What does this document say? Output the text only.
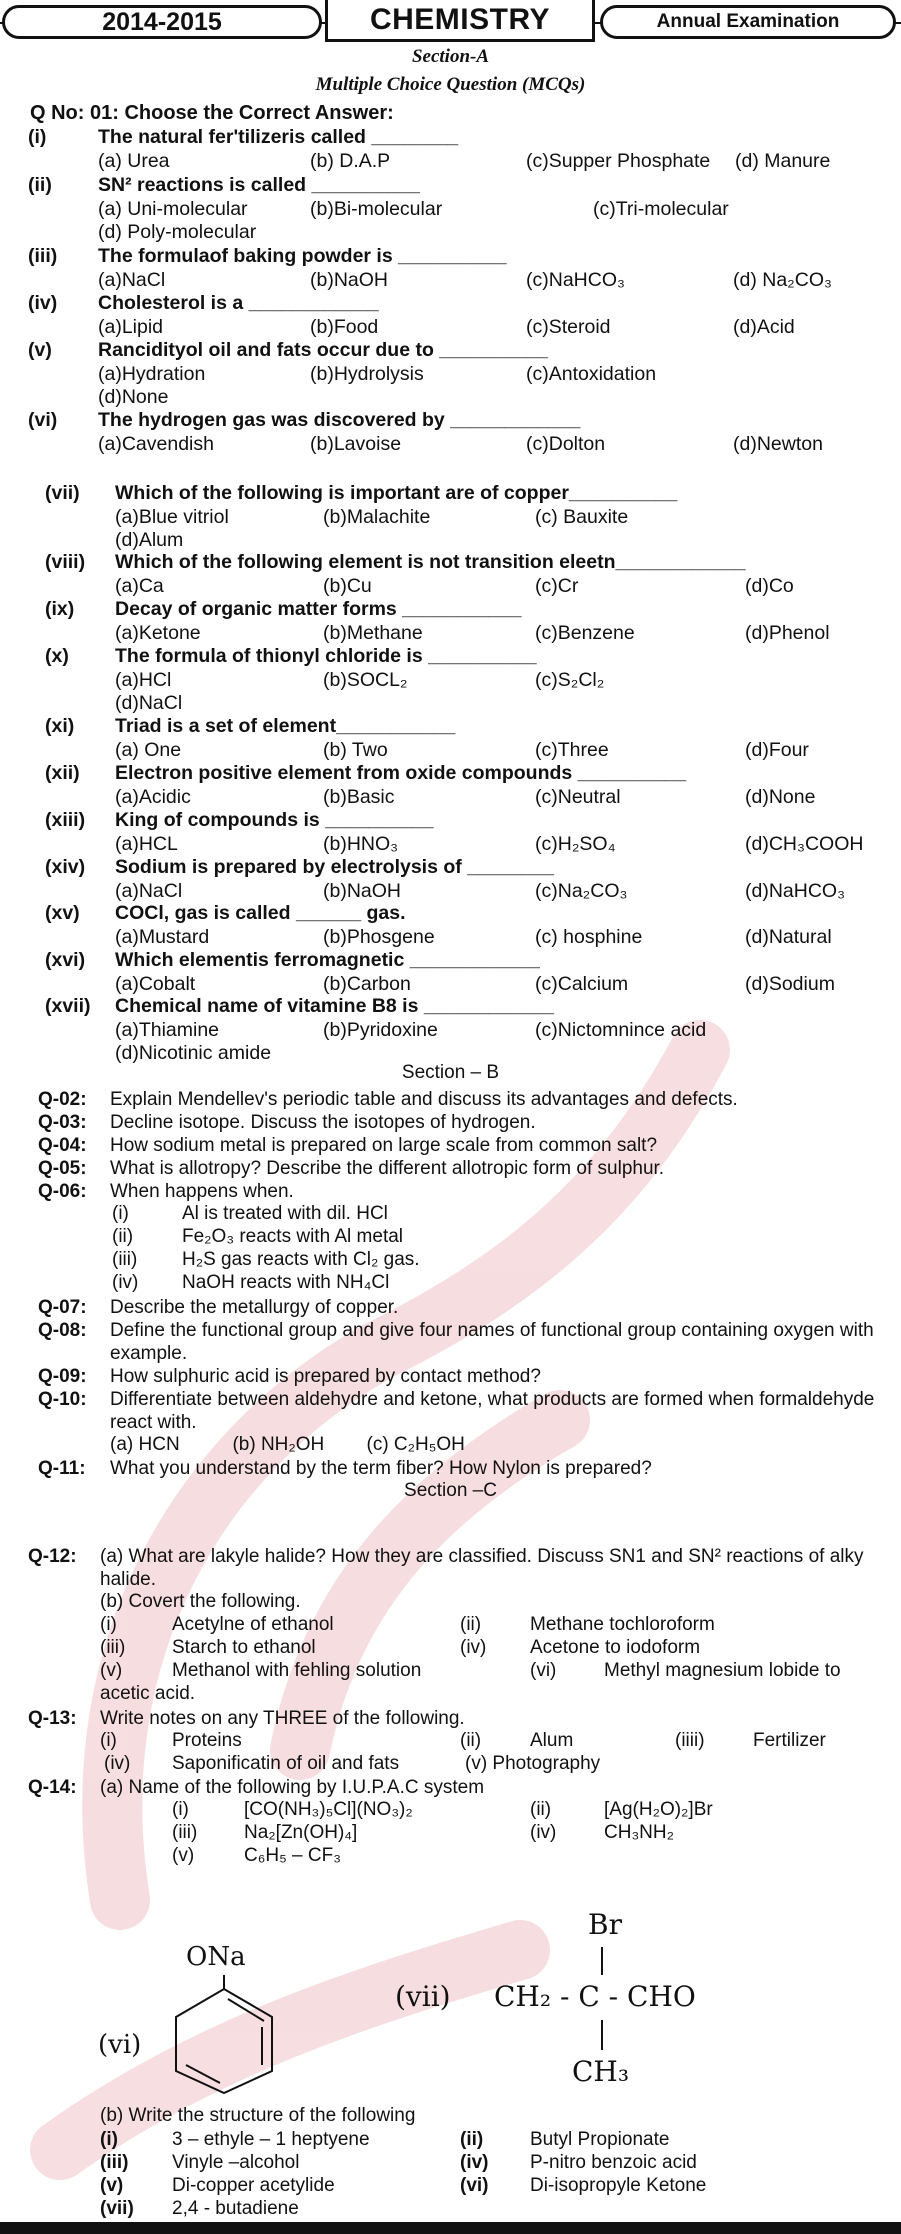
2014-2015	CHEMISTRY	Annual Examination
Section-A
Multiple Choice Question (MCQs)
Q No: 01: Choose the Correct Answer:
(i)	The natural fer'tilizeris called ________
(a) Urea	(b) D.A.P	(c)Supper Phosphate (d) Manure
(ii) SN² reactions is called __________
(a) Uni-molecular	(b)Bi-molecular	(c)Tri-molecular
(d) Poly-molecular
(iii) The formulaof baking powder is __________
(a)NaCl	(b)NaOH	(c)NaHCO₃	(d) Na₂CO₃
(iv) Cholesterol is a ____________
(a)Lipid	(b)Food	(c)Steroid	(d)Acid
(v) Rancidityol oil and fats occur due to __________
(a)Hydration	(b)Hydrolysis	(c)Antoxidation
(d)None
(vi) The hydrogen gas was discovered by ____________
(a)Cavendish	(b)Lavoise	(c)Dolton	(d)Newton
(vii) Which of the following is important are of copper__________
(a)Blue vitriol	(b)Malachite	(c) Bauxite
(d)Alum
(viii) Which of the following element is not transition eleetn____________
(a)Ca	(b)Cu	(c)Cr	(d)Co
(ix) Decay of organic matter forms ___________
(a)Ketone	(b)Methane	(c)Benzene	(d)Phenol
(x) The formula of thionyl chloride is __________
(a)HCl	(b)SOCL₂	(c)S₂Cl₂
(d)NaCl
(xi) Triad is a set of element___________
(a) One	(b) Two	(c)Three	(d)Four
(xii) Electron positive element from oxide compounds __________
(a)Acidic	(b)Basic	(c)Neutral	(d)None
(xiii) King of compounds is __________
(a)HCL	(b)HNO₃	(c)H₂SO₄	(d)CH₃COOH
(xiv) Sodium is prepared by electrolysis of ________
(a)NaCl	(b)NaOH	(c)Na₂CO₃	(d)NaHCO₃
(xv) COCl, gas is called ______ gas.
(a)Mustard	(b)Phosgene	(c) hosphine	(d)Natural
(xvi) Which elementis ferromagnetic ____________
(a)Cobalt	(b)Carbon	(c)Calcium	(d)Sodium
(xvii) Chemical name of vitamine B8 is ____________
(a)Thiamine	(b)Pyridoxine	(c)Nictomnince acid
(d)Nicotinic amide
Section – B
Q-02: Explain Mendellev's periodic table and discuss its advantages and defects.
Q-03: Decline isotope. Discuss the isotopes of hydrogen.
Q-04: How sodium metal is prepared on large scale from common salt?
Q-05: What is allotropy? Describe the different allotropic form of sulphur.
Q-06: When happens when.
(i)	Al is treated with dil. HCl
(ii)	Fe₂O₃ reacts with Al metal
(iii) H₂S gas reacts with Cl₂ gas.
(iv) NaOH reacts with NH₄Cl
Q-07: Describe the metallurgy of copper.
Q-08: Define the functional group and give four names of functional group containing oxygen with example.
Q-09: How sulphuric acid is prepared by contact method?
Q-10: Differentiate between aldehydre and ketone, what products are formed when formaldehyde react with.
(a) HCN          (b) NH₂OH        (c) C₂H₅OH
Q-11: What you understand by the term fiber? How Nylon is prepared?
Section –C
Q-12: (a) What are lakyle halide? How they are classified. Discuss SN1 and SN² reactions of alky halide.
(b) Covert the following.
(i)	Acetylne of ethanol	(ii)	Methane tochloroform
(iii) Starch to ethanol	(iv) Acetone to iodoform
(v)	Methanol with fehling solution	(vi)	Methyl magnesium lobide to
acetic acid.
Q-13: Write notes on any THREE of the following.
(i)	Proteins	(ii)	Alum	(iiii)	Fertilizer
(iv) Saponificatin of oil and fats	(v) Photography
Q-14: (a) Name of the following by I.U.P.A.C system
(i)	[CO(NH₃)₅Cl](NO₃)₂	(ii)	[Ag(H₂O)₂]Br
(iii) Na₂[Zn(OH)₄]	(iv)	CH₃NH₂
(v)	C₆H₅ – CF₃
ONa
(vi)
(vii)
Br
CH₂ - C - CHO
CH₃
(b) Write the structure of the following
(i)	3 – ethyle – 1 heptyene	(ii) Butyl Propionate
(iii) Vinyle –alcohol	(iv) P-nitro benzoic acid
(v)	Di-copper acetylide	(vi) Di-isopropyle Ketone
(vii) 2,4 - butadiene
